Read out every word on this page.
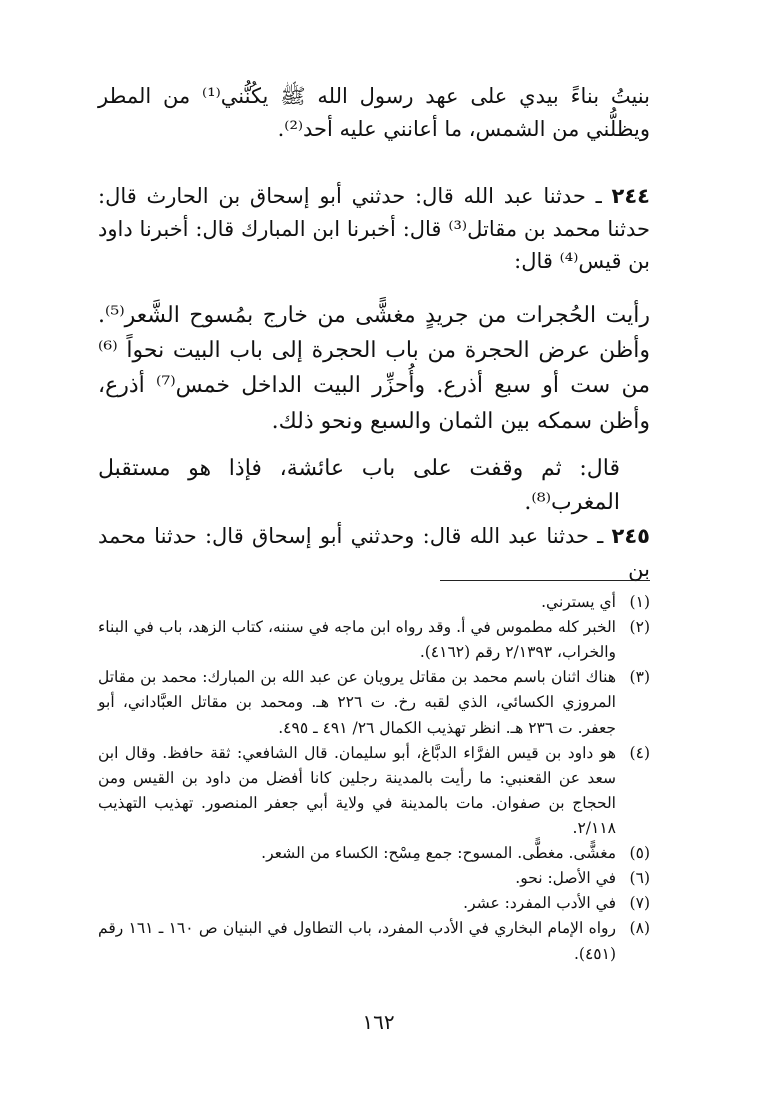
بنيتُ بناءً بيدي على عهد رسول الله ﷺ يكُنُّني⁽¹⁾ من المطر ويظلُّني من الشمس، ما أعانني عليه أحد⁽²⁾.

٢٤٤ ـ حدثنا عبد الله قال: حدثني أبو إسحاق بن الحارث قال: حدثنا محمد بن مقاتل⁽³⁾ قال: أخبرنا ابن المبارك قال: أخبرنا داود بن قيس⁽⁴⁾ قال:

رأيت الحُجرات من جريدٍ مغشًّى من خارج بمُسوح الشَّعر⁽⁵⁾. وأظن عرض الحجرة من باب الحجرة إلى باب البيت نحواً ⁽⁶⁾ من ست أو سبع أذرع. وأُحزِّر البيت الداخل خمس⁽⁷⁾ أذرع، وأظن سمكه بين الثمان والسبع ونحو ذلك.

قال: ثم وقفت على باب عائشة، فإذا هو مستقبل المغرب⁽⁸⁾.

٢٤٥ ـ حدثنا عبد الله قال: وحدثني أبو إسحاق قال: حدثنا محمد بن

(١)
أي يسترني.
(٢)
الخبر كله مطموس في أ. وقد رواه ابن ماجه في سننه، كتاب الزهد، باب في البناء والخراب، ٢/١٣٩٣ رقم (٤١٦٢).
(٣)
هناك اثنان باسم محمد بن مقاتل يرويان عن عبد الله بن المبارك: محمد بن مقاتل المروزي الكسائي، الذي لقبه رخ. ت ٢٢٦ هـ. ومحمد بن مقاتل العبَّاداني، أبو جعفر. ت ٢٣٦ هـ. انظر تهذيب الكمال ٢٦/ ٤٩١ ـ ٤٩٥.
(٤)
هو داود بن قيس الفرَّاء الدبَّاغ، أبو سليمان. قال الشافعي: ثقة حافظ. وقال ابن سعد عن القعنبي: ما رأيت بالمدينة رجلين كانا أفضل من داود بن القيس ومن الحجاج بن صفوان. مات بالمدينة في ولاية أبي جعفر المنصور. تهذيب التهذيب ٢/١١٨.
(٥)
مغشًّى. مغطًّى. المسوح: جمع مِسْح: الكساء من الشعر.
(٦)
في الأصل: نحو.
(٧)
في الأدب المفرد: عشر.
(٨)
رواه الإمام البخاري في الأدب المفرد، باب التطاول في البنيان ص ١٦٠ ـ ١٦١ رقم (٤٥١).
١٦٢
